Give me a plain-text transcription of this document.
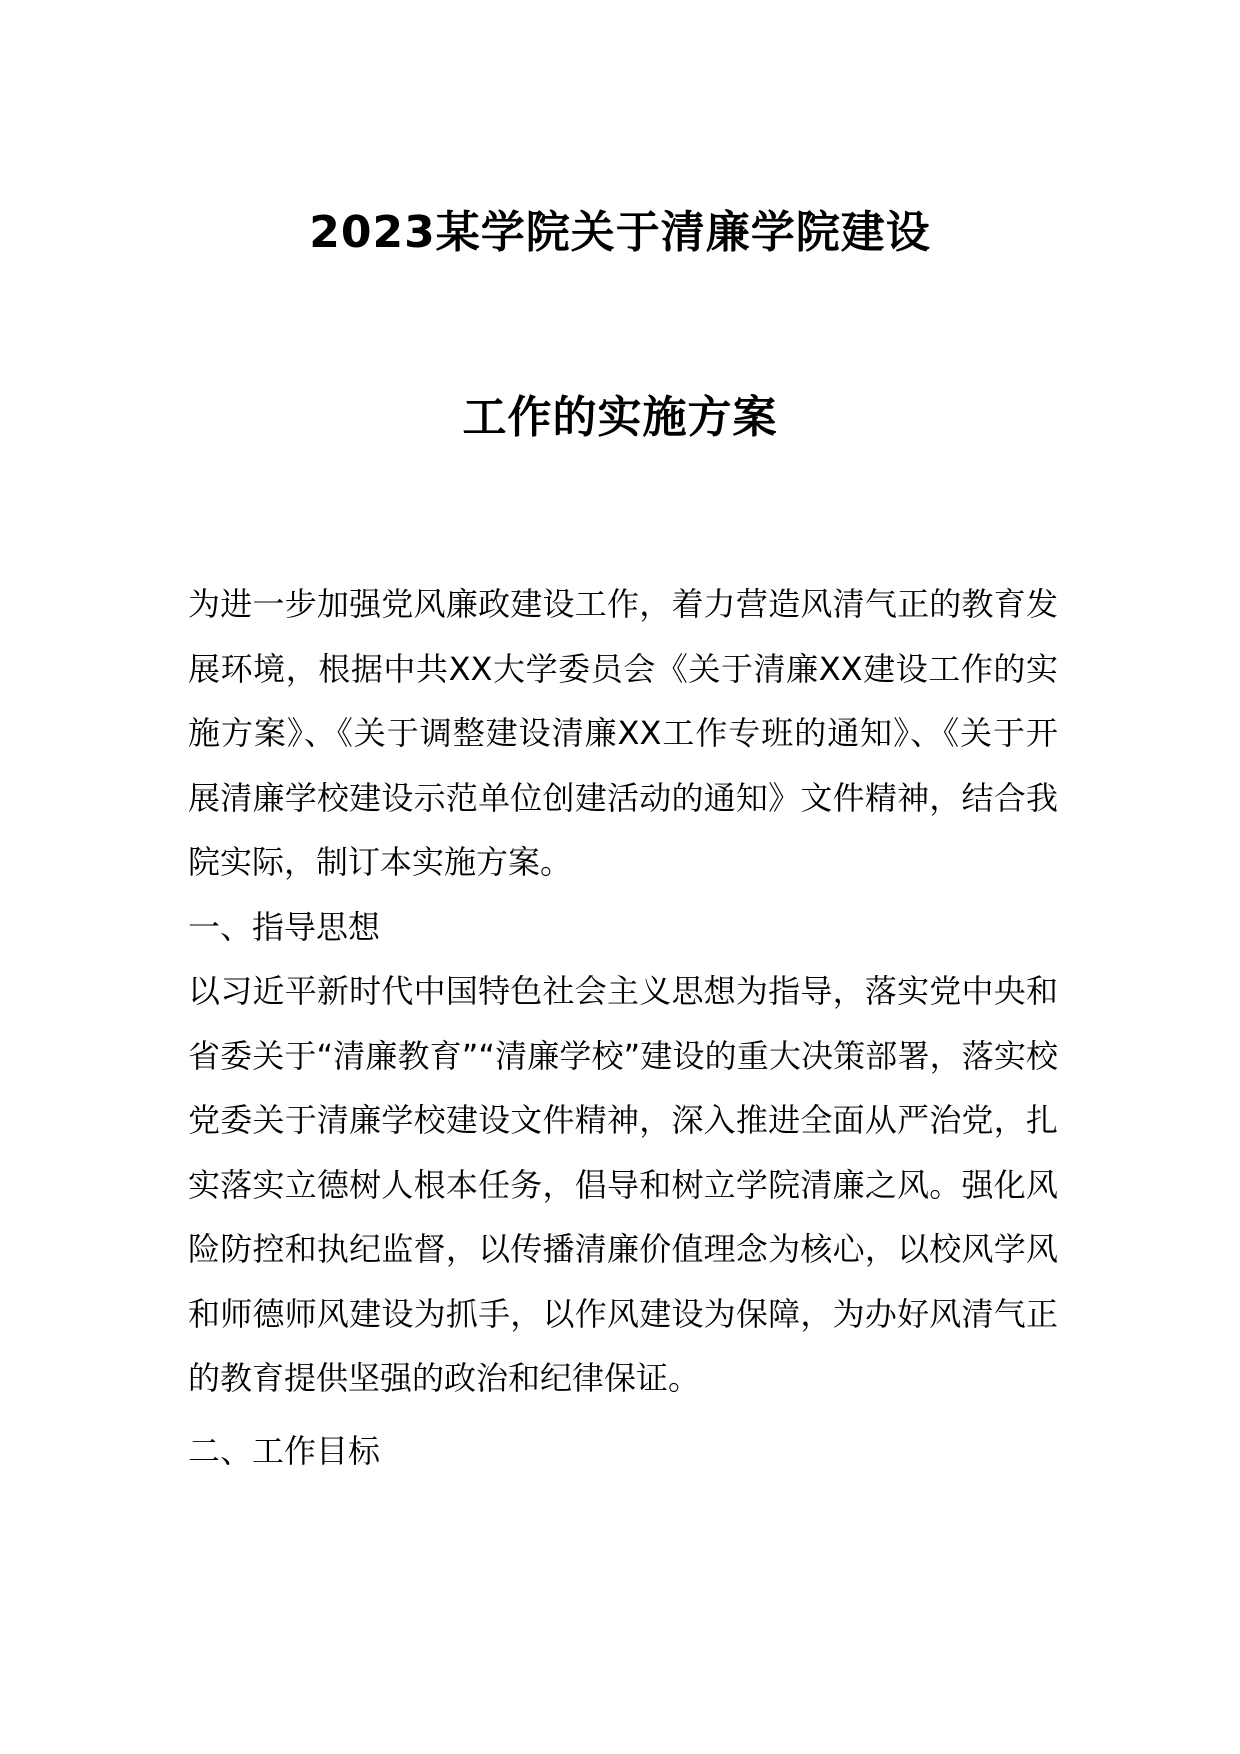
2023某学院关于清廉学院建设
工作的实施方案

为进一步加强党风廉政建设工作，着力营造风清气正的教育发展环境，根据中共XX大学委员会《关于清廉XX建设工作的实施方案》、《关于调整建设清廉XX工作专班的通知》、《关于开展清廉学校建设示范单位创建活动的通知》文件精神，结合我院实际，制订本实施方案。

一、指导思想

以习近平新时代中国特色社会主义思想为指导，落实党中央和省委关于“清廉教育”“清廉学校”建设的重大决策部署，落实校党委关于清廉学校建设文件精神，深入推进全面从严治党，扎实落实立德树人根本任务，倡导和树立学院清廉之风。强化风险防控和执纪监督，以传播清廉价值理念为核心，以校风学风和师德师风建设为抓手，以作风建设为保障，为办好风清气正的教育提供坚强的政治和纪律保证。

二、工作目标
